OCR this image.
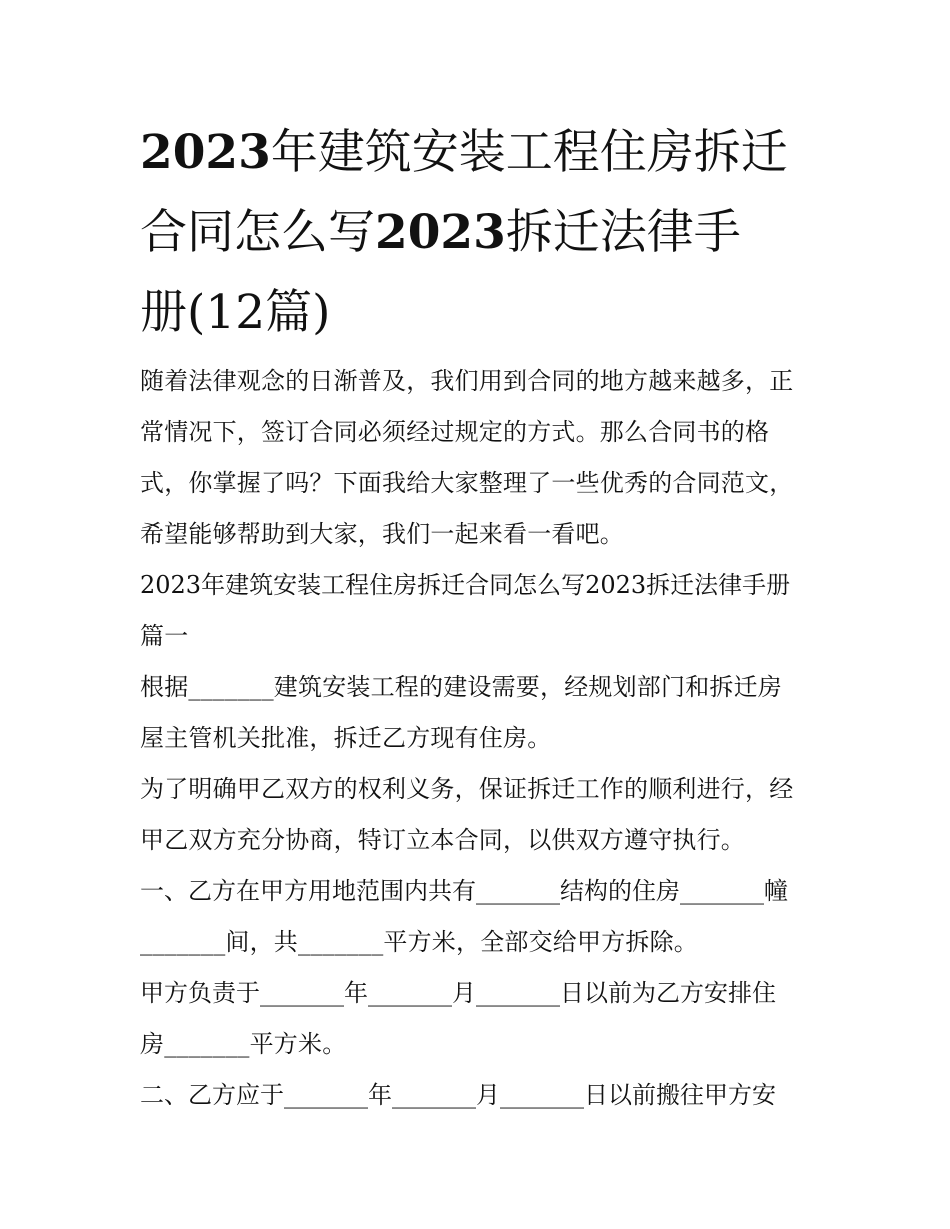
2023年建筑安装工程住房拆迁
合同怎么写2023拆迁法律手
册(12篇)

随着法律观念的日渐普及，我们用到合同的地方越来越多，正

常情况下，签订合同必须经过规定的方式。那么合同书的格

式，你掌握了吗？下面我给大家整理了一些优秀的合同范文，

希望能够帮助到大家，我们一起来看一看吧。

2023年建筑安装工程住房拆迁合同怎么写2023拆迁法律手册

篇一

根据_______建筑安装工程的建设需要，经规划部门和拆迁房

屋主管机关批准，拆迁乙方现有住房。

为了明确甲乙双方的权利义务，保证拆迁工作的顺利进行，经

甲乙双方充分协商，特订立本合同，以供双方遵守执行。

一、乙方在甲方用地范围内共有_______结构的住房_______幢

_______间，共_______平方米，全部交给甲方拆除。

甲方负责于_______年_______月_______日以前为乙方安排住

房_______平方米。

二、乙方应于_______年_______月_______日以前搬往甲方安
